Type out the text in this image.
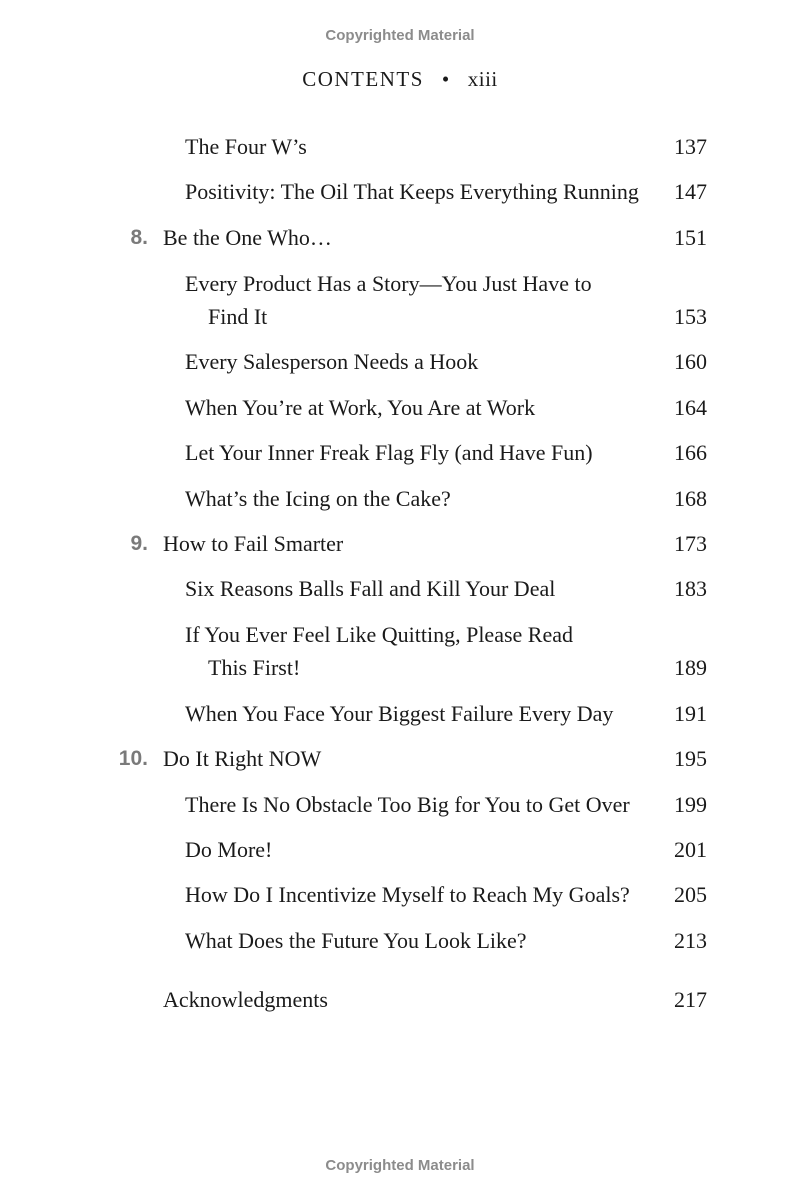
Copyrighted Material
CONTENTS • xiii
The Four W’s	137
Positivity: The Oil That Keeps Everything Running 147
8. Be the One Who…	151
Every Product Has a Story—You Just Have to
Find It	153
Every Salesperson Needs a Hook	160
When You’re at Work, You Are at Work	164
Let Your Inner Freak Flag Fly (and Have Fun)	166
What’s the Icing on the Cake?	168
9. How to Fail Smarter	173
Six Reasons Balls Fall and Kill Your Deal	183
If You Ever Feel Like Quitting, Please Read
This First!	189
When You Face Your Biggest Failure Every Day	191
10. Do It Right NOW	195
There Is No Obstacle Too Big for You to Get Over 199
Do More!	201
How Do I Incentivize Myself to Reach My Goals? 205
What Does the Future You Look Like?	213
Acknowledgments	217
Copyrighted Material
